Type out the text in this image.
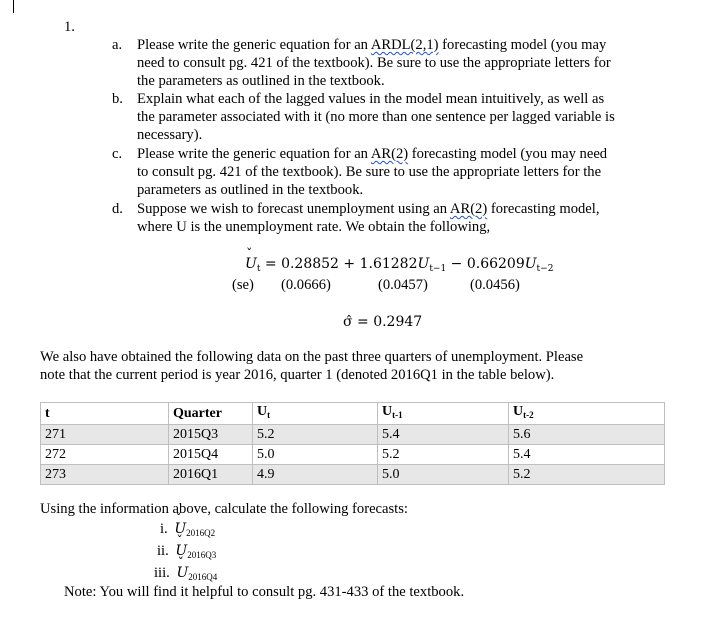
1.
a. Please write the generic equation for an ARDL(2,1) forecasting model (you may
need to consult pg. 421 of the textbook). Be sure to use the appropriate letters for
the parameters as outlined in the textbook.
b. Explain what each of the lagged values in the model mean intuitively, as well as
the parameter associated with it (no more than one sentence per lagged variable is
necessary).
c. Please write the generic equation for an AR(2) forecasting model (you may need
to consult pg. 421 of the textbook). Be sure to use the appropriate letters for the
parameters as outlined in the textbook.
d. Suppose we wish to forecast unemployment using an AR(2) forecasting model,
where U is the unemployment rate. We obtain the following,
ˇ $U_t = 0.28852 + 1.61282U_{t-1} - 0.66209U_{t-2}$
(se) (0.0666)	(0.0457)	(0.0456)
σ̂ = 0.2947
We also have obtained the following data on the past three quarters of unemployment. Please
note that the current period is year 2016, quarter 1 (denoted 2016Q1 in the table below).
t	Quarter	$U_t$	$U_{t-1}$	$U_{t-2}$
271	2015Q3	5.2	5.4	5.6
272	2015Q4	5.0	5.2	5.4
273	2016Q1	4.9	5.0	5.2
Using the information above, calculate the following forecasts:
i. ˇ $U_{2016Q2}$
ii. ˇ $U_{2016Q3}$
iii. ˇ $U_{2016Q4}$
Note: You will find it helpful to consult pg. 431-433 of the textbook.
